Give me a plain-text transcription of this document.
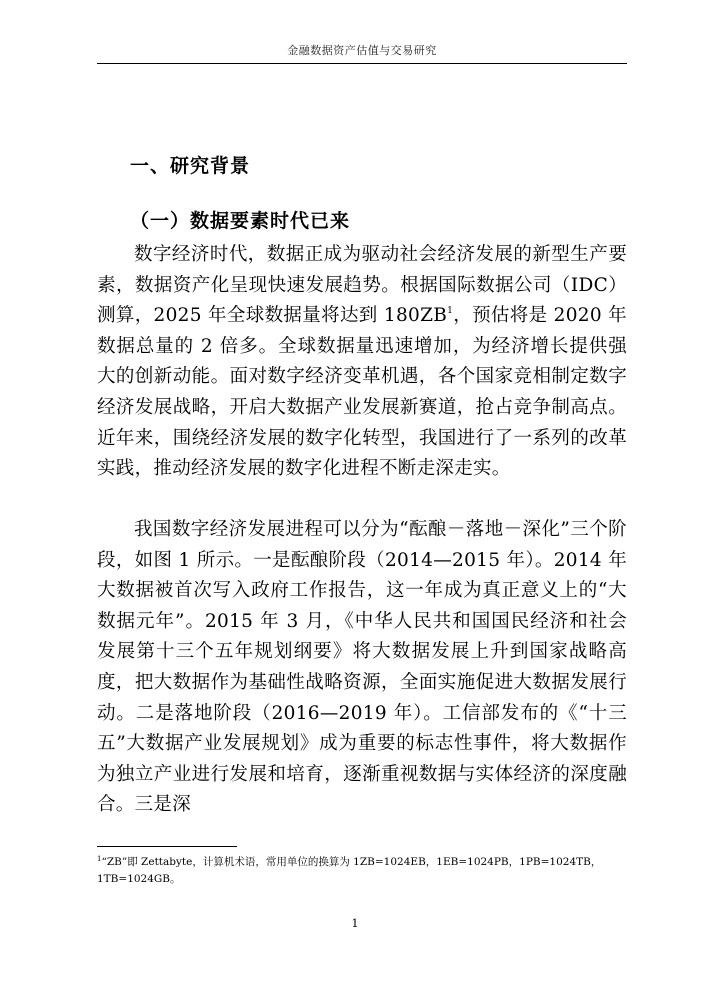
金融数据资产估值与交易研究
一、研究背景
（一）数据要素时代已来
数字经济时代，数据正成为驱动社会经济发展的新型生产要素，数据资产化呈现快速发展趋势。根据国际数据公司（IDC）测算，2025 年全球数据量将达到 $180ZB^1$，预估将是 2020 年数据总量的 2 倍多。全球数据量迅速增加，为经济增长提供强大的创新动能。面对数字经济变革机遇，各个国家竞相制定数字经济发展战略，开启大数据产业发展新赛道，抢占竞争制高点。近年来，围绕经济发展的数字化转型，我国进行了一系列的改革实践，推动经济发展的数字化进程不断走深走实。
我国数字经济发展进程可以分为“酝酿－落地－深化”三个阶段，如图 1 所示。一是酝酿阶段（2014—2015 年）。2014 年大数据被首次写入政府工作报告，这一年成为真正意义上的“大数据元年”。2015 年 3 月，《中华人民共和国国民经济和社会发展第十三个五年规划纲要》将大数据发展上升到国家战略高度，把大数据作为基础性战略资源，全面实施促进大数据发展行动。二是落地阶段（2016—2019 年）。工信部发布的《“十三五”大数据产业发展规划》成为重要的标志性事件，将大数据作为独立产业进行发展和培育，逐渐重视数据与实体经济的深度融合。三是深
$^1$“ZB”即 Zettabyte，计算机术语，常用单位的换算为 1ZB=1024EB，1EB=1024PB，1PB=1024TB，1TB=1024GB。
1
